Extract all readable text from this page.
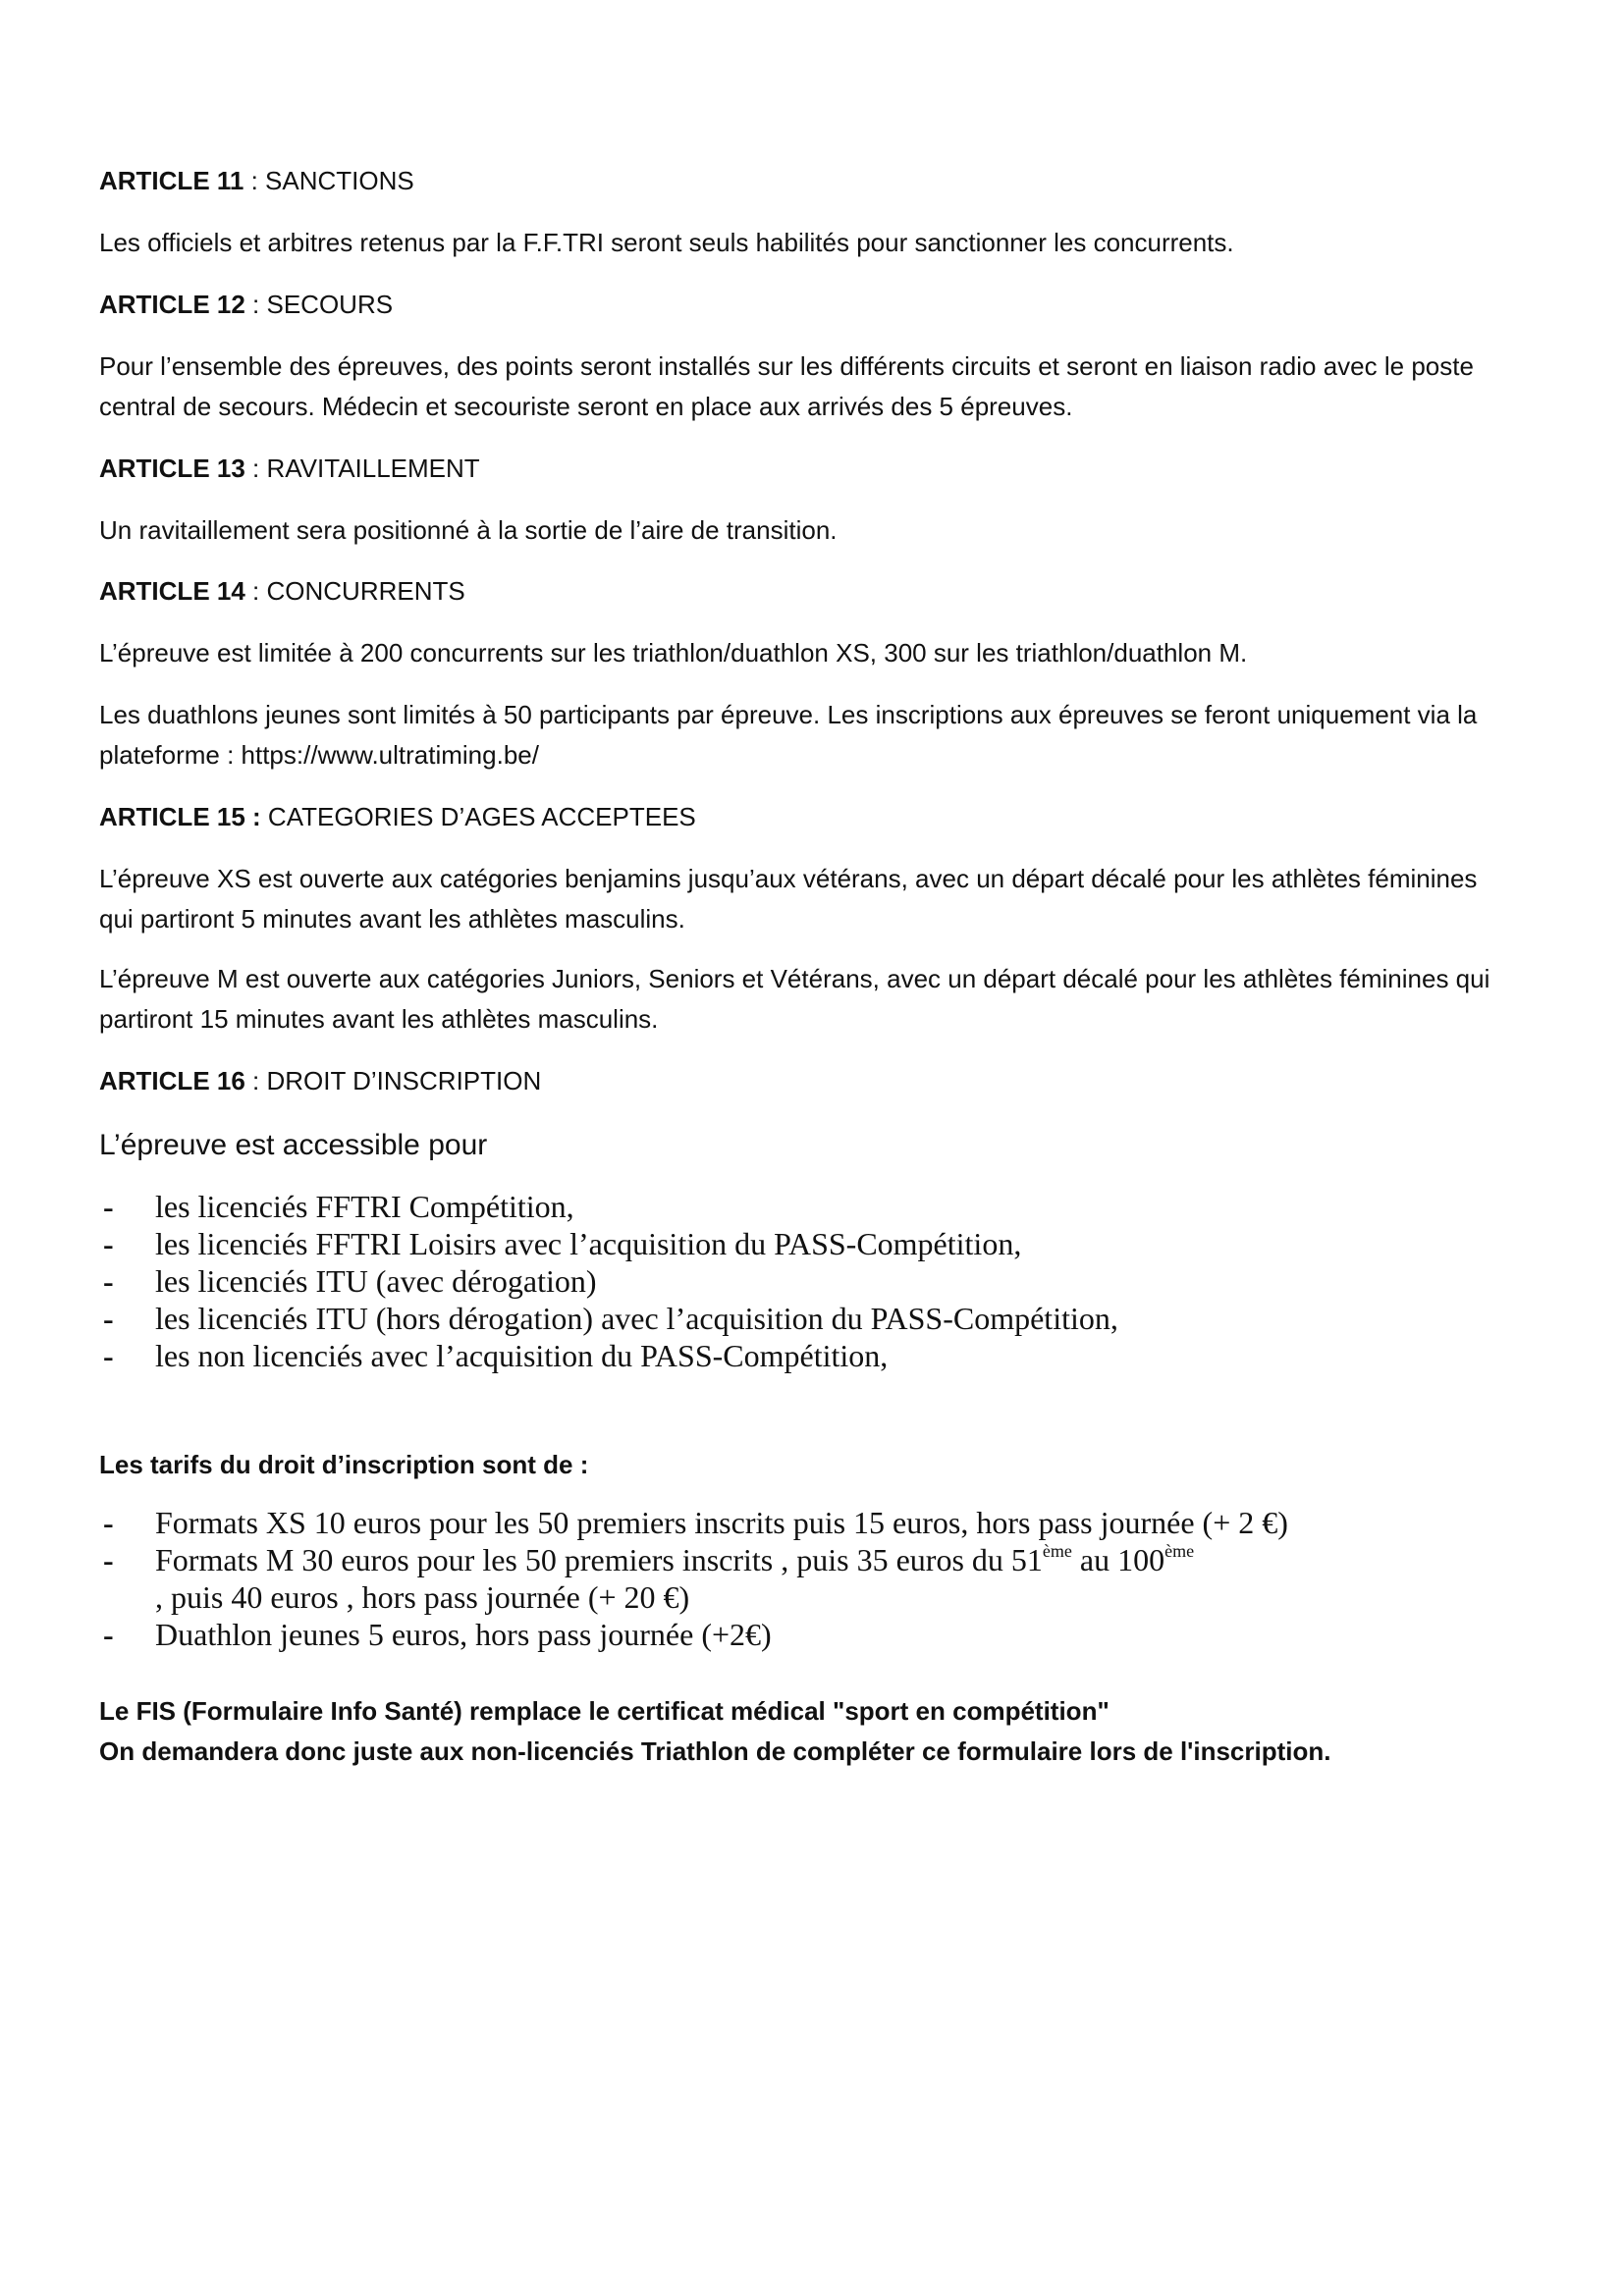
ARTICLE 11 : SANCTIONS

Les officiels et arbitres retenus par la F.F.TRI seront seuls habilités pour sanctionner les concurrents.

ARTICLE 12 : SECOURS

Pour l’ensemble des épreuves, des points seront installés sur les différents circuits et seront en liaison radio avec le poste central de secours. Médecin et secouriste seront en place aux arrivés des 5 épreuves.

ARTICLE 13 : RAVITAILLEMENT

Un ravitaillement sera positionné à la sortie de l’aire de transition.

ARTICLE 14 : CONCURRENTS

L’épreuve est limitée à 200 concurrents sur les triathlon/duathlon XS, 300 sur les triathlon/duathlon M.

Les duathlons jeunes sont limités à 50 participants par épreuve. Les inscriptions aux épreuves se feront uniquement via la plateforme : https://www.ultratiming.be/

ARTICLE 15 : CATEGORIES D’AGES ACCEPTEES

L’épreuve XS est ouverte aux catégories benjamins jusqu’aux vétérans, avec un départ décalé pour les athlètes féminines qui partiront 5 minutes avant les athlètes masculins.

L’épreuve M est ouverte aux catégories Juniors, Seniors et Vétérans, avec un départ décalé pour les athlètes féminines qui partiront 15 minutes avant les athlètes masculins.

ARTICLE 16 : DROIT D’INSCRIPTION

L’épreuve est accessible pour

- les licenciés FFTRI Compétition,
- les licenciés FFTRI Loisirs avec l’acquisition du PASS-Compétition,
- les licenciés ITU (avec dérogation)
- les licenciés ITU (hors dérogation) avec l’acquisition du PASS-Compétition,
- les non licenciés avec l’acquisition du PASS-Compétition,

Les tarifs du droit d’inscription sont de :

- Formats XS 10 euros pour les 50 premiers inscrits puis 15 euros, hors pass journée (+ 2 €)
- Formats M 30 euros pour les 50 premiers inscrits , puis 35 euros du 51ème au 100ème
, puis 40 euros , hors pass journée (+ 20 €)
- Duathlon jeunes 5 euros, hors pass journée (+2€)

Le FIS (Formulaire Info Santé) remplace le certificat médical "sport en compétition"

On demandera donc juste aux non-licenciés Triathlon de compléter ce formulaire lors de l'inscription.
